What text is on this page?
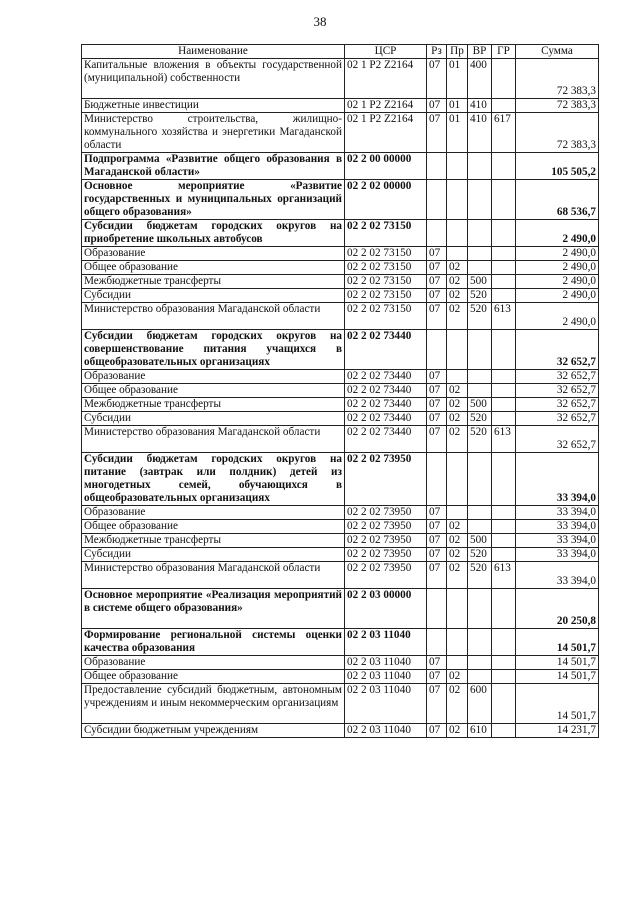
38
Наименование	ЦСР	Рз	Пр	ВР	ГР	Сумма
Капитальные вложения в объекты государственной (муниципальной) собственности	02 1 P2 Z2164	07	01	400		72 383,3
Бюджетные инвестиции	02 1 P2 Z2164	07	01	410		72 383,3
Министерство строительства, жилищно-коммунального хозяйства и энергетики Магаданской области	02 1 P2 Z2164	07	01	410	617	72 383,3
Подпрограмма «Развитие общего образования в Магаданской области»	02 2 00 00000					105 505,2
Основное мероприятие «Развитие государственных и муниципальных организаций общего образования»	02 2 02 00000					68 536,7
Субсидии бюджетам городских округов на приобретение школьных автобусов	02 2 02 73150					2 490,0
Образование	02 2 02 73150	07				2 490,0
Общее образование	02 2 02 73150	07	02			2 490,0
Межбюджетные трансферты	02 2 02 73150	07	02	500		2 490,0
Субсидии	02 2 02 73150	07	02	520		2 490,0
Министерство образования Магаданской области	02 2 02 73150	07	02	520	613	2 490,0
Субсидии бюджетам городских округов на совершенствование питания учащихся в общеобразовательных организациях	02 2 02 73440					32 652,7
Образование	02 2 02 73440	07				32 652,7
Общее образование	02 2 02 73440	07	02			32 652,7
Межбюджетные трансферты	02 2 02 73440	07	02	500		32 652,7
Субсидии	02 2 02 73440	07	02	520		32 652,7
Министерство образования Магаданской области	02 2 02 73440	07	02	520	613	32 652,7
Субсидии бюджетам городских округов на питание (завтрак или полдник) детей из многодетных семей, обучающихся в общеобразовательных организациях	02 2 02 73950					33 394,0
Образование	02 2 02 73950	07				33 394,0
Общее образование	02 2 02 73950	07	02			33 394,0
Межбюджетные трансферты	02 2 02 73950	07	02	500		33 394,0
Субсидии	02 2 02 73950	07	02	520		33 394,0
Министерство образования Магаданской области	02 2 02 73950	07	02	520	613	33 394,0
Основное мероприятие «Реализация мероприятий в системе общего образования»	02 2 03 00000					20 250,8
Формирование региональной системы оценки качества образования	02 2 03 11040					14 501,7
Образование	02 2 03 11040	07				14 501,7
Общее образование	02 2 03 11040	07	02			14 501,7
Предоставление субсидий бюджетным, автономным учреждениям и иным некоммерческим организациям	02 2 03 11040	07	02	600		14 501,7
Субсидии бюджетным учреждениям	02 2 03 11040	07	02	610		14 231,7
